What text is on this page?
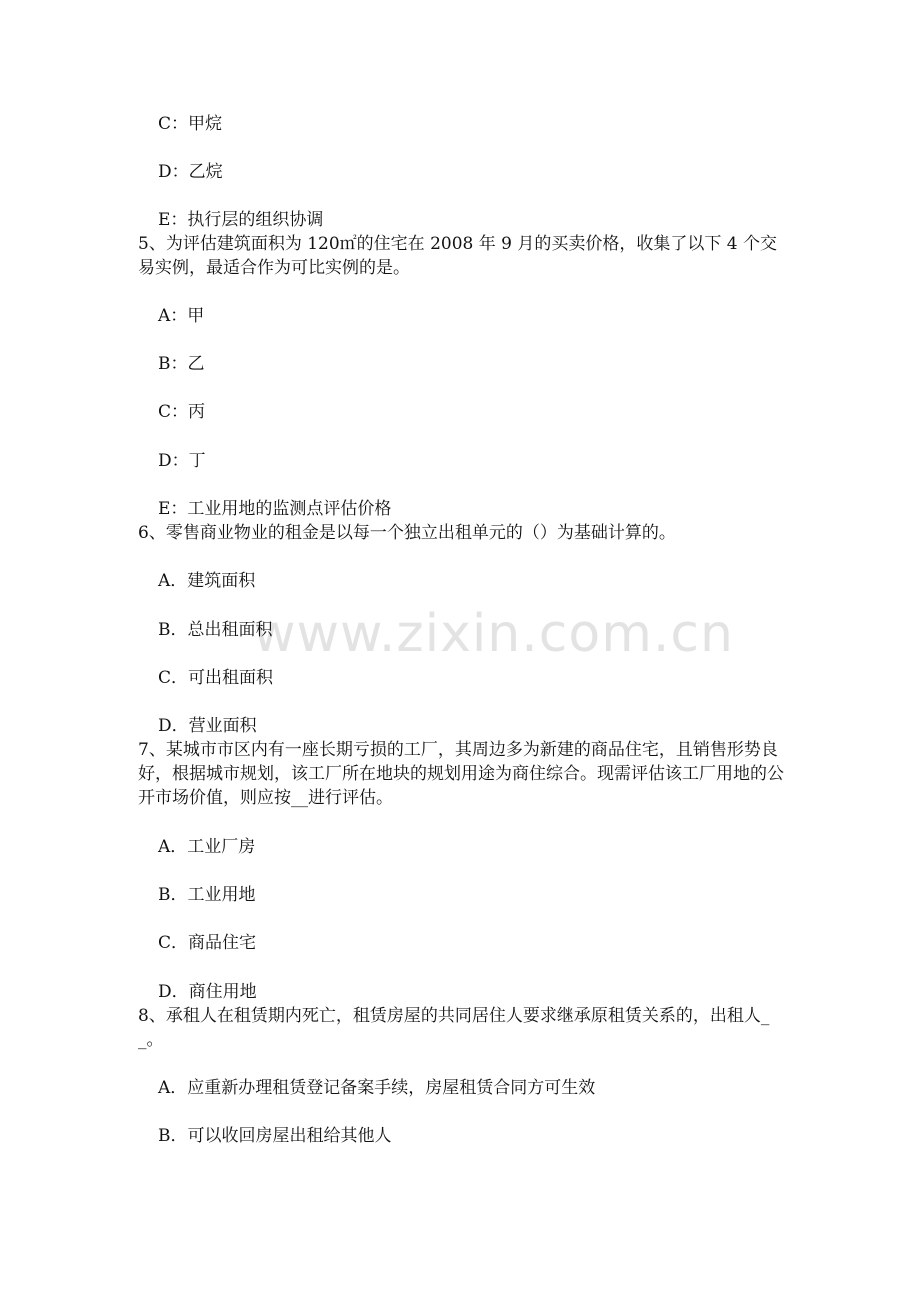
www.zixin.com.cn

C：甲烷

D：乙烷

E：执行层的组织协调

5、为评估建筑面积为 120㎡的住宅在 2008 年 9 月的买卖价格，收集了以下 4 个交易实例，最适合作为可比实例的是。

A：甲

B：乙

C：丙

D：丁

E：工业用地的监测点评估价格

6、零售商业物业的租金是以每一个独立出租单元的（）为基础计算的。

A．建筑面积

B．总出租面积

C．可出租面积

D．营业面积

7、某城市市区内有一座长期亏损的工厂，其周边多为新建的商品住宅，且销售形势良好，根据城市规划，该工厂所在地块的规划用途为商住综合。现需评估该工厂用地的公开市场价值，则应按__进行评估。

A．工业厂房

B．工业用地

C．商品住宅

D．商住用地

8、承租人在租赁期内死亡，租赁房屋的共同居住人要求继承原租赁关系的，出租人__。

A．应重新办理租赁登记备案手续，房屋租赁合同方可生效

B．可以收回房屋出租给其他人
